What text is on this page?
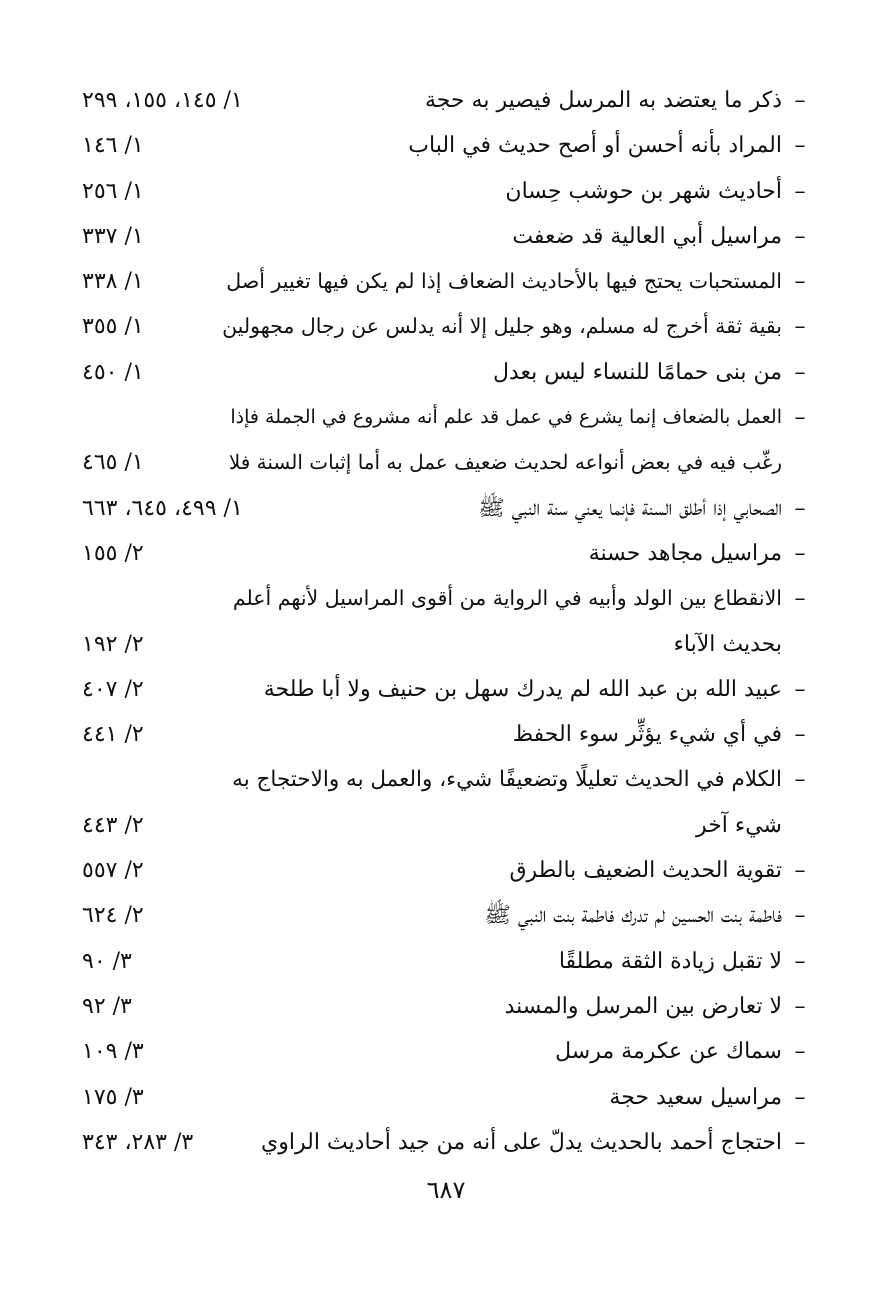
–
ذكر ما يعتضد به المرسل فيصير به حجة
١/ ١٤٥، ١٥٥، ٢٩٩
–
المراد بأنه أحسن أو أصح حديث في الباب
١/ ١٤٦
–
أحاديث شهر بن حوشب حِسان
١/ ٢٥٦
–
مراسيل أبي العالية قد ضعفت
١/ ٣٣٧
–
المستحبات يحتج فيها بالأحاديث الضعاف إذا لم يكن فيها تغيير أصل
١/ ٣٣٨
–
بقية ثقة أخرج له مسلم، وهو جليل إلا أنه يدلس عن رجال مجهولين
١/ ٣٥٥
–
من بنى حمامًا للنساء ليس بعدل
١/ ٤٥٠
–
العمل بالضعاف إنما يشرع في عمل قد علم أنه مشروع في الجملة فإذا
رغّب فيه في بعض أنواعه لحديث ضعيف عمل به أما إثبات السنة فلا
١/ ٤٦٥
–
الصحابي إذا أطلق السنة فإنما يعني سنة النبي ﷺ
١/ ٤٩٩، ٦٤٥، ٦٦٣
–
مراسيل مجاهد حسنة
٢/ ١٥٥
–
الانقطاع بين الولد وأبيه في الرواية من أقوى المراسيل لأنهم أعلم
بحديث الآباء
٢/ ١٩٢
–
عبيد الله بن عبد الله لم يدرك سهل بن حنيف ولا أبا طلحة
٢/ ٤٠٧
–
في أي شيء يؤثِّر سوء الحفظ
٢/ ٤٤١
–
الكلام في الحديث تعليلًا وتضعيفًا شيء، والعمل به والاحتجاج به
شيء آخر
٢/ ٤٤٣
–
تقوية الحديث الضعيف بالطرق
٢/ ٥٥٧
–
فاطمة بنت الحسين لم تدرك فاطمة بنت النبي ﷺ
٢/ ٦٢٤
–
لا تقبل زيادة الثقة مطلقًا
٣/ ٩٠
–
لا تعارض بين المرسل والمسند
٣/ ٩٢
–
سماك عن عكرمة مرسل
٣/ ١٠٩
–
مراسيل سعيد حجة
٣/ ١٧٥
–
احتجاج أحمد بالحديث يدلّ على أنه من جيد أحاديث الراوي
٣/ ٢٨٣، ٣٤٣
٦٨٧
